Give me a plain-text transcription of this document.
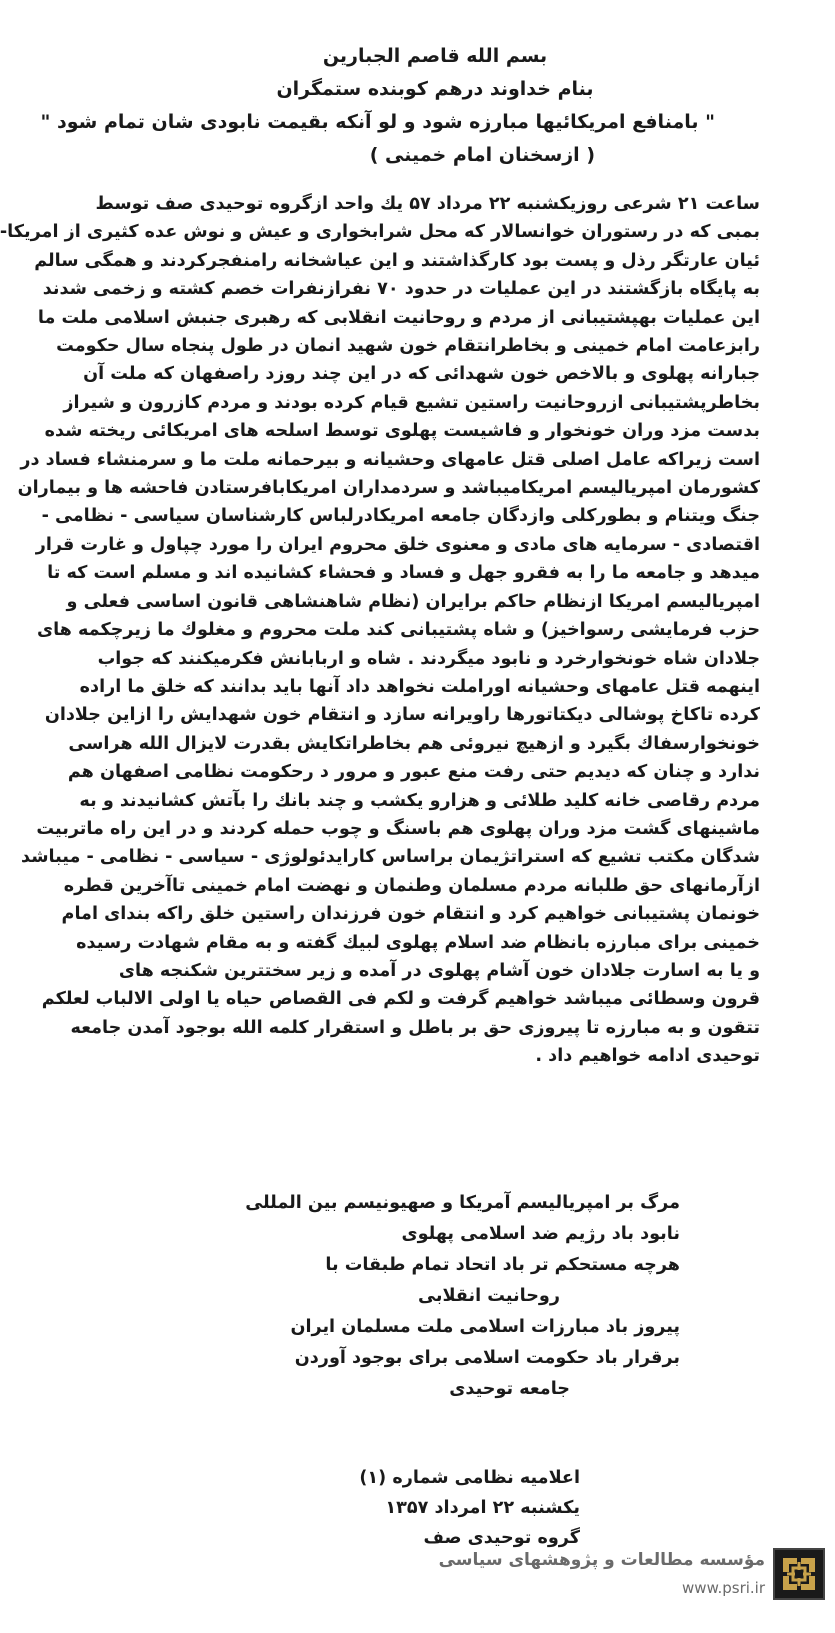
بسم الله قاصم الجبارین
بنام خداوند درهم کوبنده ستمگران
" بامنافع امریکائیها مبارزه شود و لو آنکه بقیمت نابودی شان تمام شود "
( ازسخنان امام خمینی )
ساعت ۲۱ شرعی روزیکشنبه ۲۲ مرداد ۵۷ یك واحد ازگروه توحیدی صف توسط
بمبی که در رستوران خوانسالار که محل شرابخواری و عیش و نوش عده کثیری از امریکا-
ئیان عارتگر رذل و پست بود کارگذاشتند و این عیاشخانه رامنفجرکردند و همگی سالم
به پایگاه بازگشتند در این عملیات در حدود ۷۰ نفرازنفرات خصم کشته و زخمی شدند
این عملیات بهپشتیبانی از مردم و روحانیت انقلابی که رهبری جنبش اسلامی ملت ما
رابزعامت امام خمینی و بخاطرانتقام خون شهید انمان در طول پنجاه سال حکومت
جبارانه پهلوی و بالاخص خون شهدائی که در این چند روزد راصفهان که ملت آن
بخاطرپشتیبانی ازروحانیت راستین تشیع قیام کرده بودند و مردم کازرون و شیراز
بدست مزد وران خونخوار و فاشیست پهلوی توسط اسلحه های امریکائی ریخته شده
است زیراکه عامل اصلی قتل عامهای وحشیانه و بیرحمانه ملت ما و سرمنشاء فساد در
کشورمان امپریالیسم امریکامیباشد و سردمداران امریکابافرستادن فاحشه ها و بیماران
جنگ ویتنام و بطورکلی وازدگان جامعه امریکادرلباس کارشناسان سیاسی - نظامی -
اقتصادی - سرمایه های مادی و معنوی خلق محروم ایران را مورد چپاول و غارت قرار
میدهد و جامعه ما را به فقرو جهل و فساد و فحشاء کشانیده اند و مسلم است که تا
امپریالیسم امریکا ازنظام حاکم برایران (نظام شاهنشاهی قانون اساسی فعلی و
حزب فرمایشی رسواخیز) و شاه پشتیبانی کند ملت محروم و مغلوك ما زیرچکمه های
جلادان شاه خونخوارخرد و نابود میگردند . شاه و اربابانش فکرمیکنند که جواب
اینهمه قتل عامهای وحشیانه اوراملت نخواهد داد آنها باید بدانند که خلق ما اراده
کرده تاکاخ پوشالی دیکتاتورها راویرانه سازد و انتقام خون شهدایش را ازاین جلادان
خونخوارسفاك بگیرد و ازهیچ نیروئی هم بخاطراتکایش بقدرت لایزال الله هراسی
ندارد و چنان که دیدیم حتی رفت منع عبور و مرور د رحکومت نظامی اصفهان هم
مردم رقاصی خانه کلید طلائی و هزارو یکشب و چند بانك را بآتش کشانیدند و به
ماشینهای گشت مزد وران پهلوی هم باسنگ و چوب حمله کردند و در این راه ماتربیت
شدگان مکتب تشیع که استراتژیمان براساس کارایدئولوژی - سیاسی - نظامی - میباشد
ازآرمانهای حق طلبانه مردم مسلمان وطنمان و نهضت امام خمینی تاآخرین قطره
خونمان پشتیبانی خواهیم کرد و انتقام خون فرزندان راستین خلق راکه بندای امام
خمینی برای مبارزه بانظام ضد اسلام پهلوی لبیك گفته و به مقام شهادت رسیده
و یا به اسارت جلادان خون آشام پهلوی در آمده و زیر سختترین شکنجه های
قرون وسطائی میباشد خواهیم گرفت و لکم فی القصاص حیاه یا اولی الالباب لعلکم
تتقون و به مبارزه تا پیروزی حق بر باطل و استقرار کلمه الله بوجود آمدن جامعه
توحیدی ادامه خواهیم داد .
مرگ بر امپریالیسم آمریکا و صهیونیسم بین المللی
نابود باد رژیم ضد اسلامی پهلوی
هرچه مستحکم تر باد اتحاد تمام طبقات با
روحانیت انقلابی
پیروز باد مبارزات اسلامی ملت مسلمان ایران
برقرار باد حکومت اسلامی برای بوجود آوردن
جامعه توحیدی
اعلامیه نظامی شماره (۱)
یکشنبه ۲۲ امرداد ۱۳۵۷
گروه توحیدی صف
مؤسسه مطالعات و پژوهشهای سیاسی
www.psri.ir
